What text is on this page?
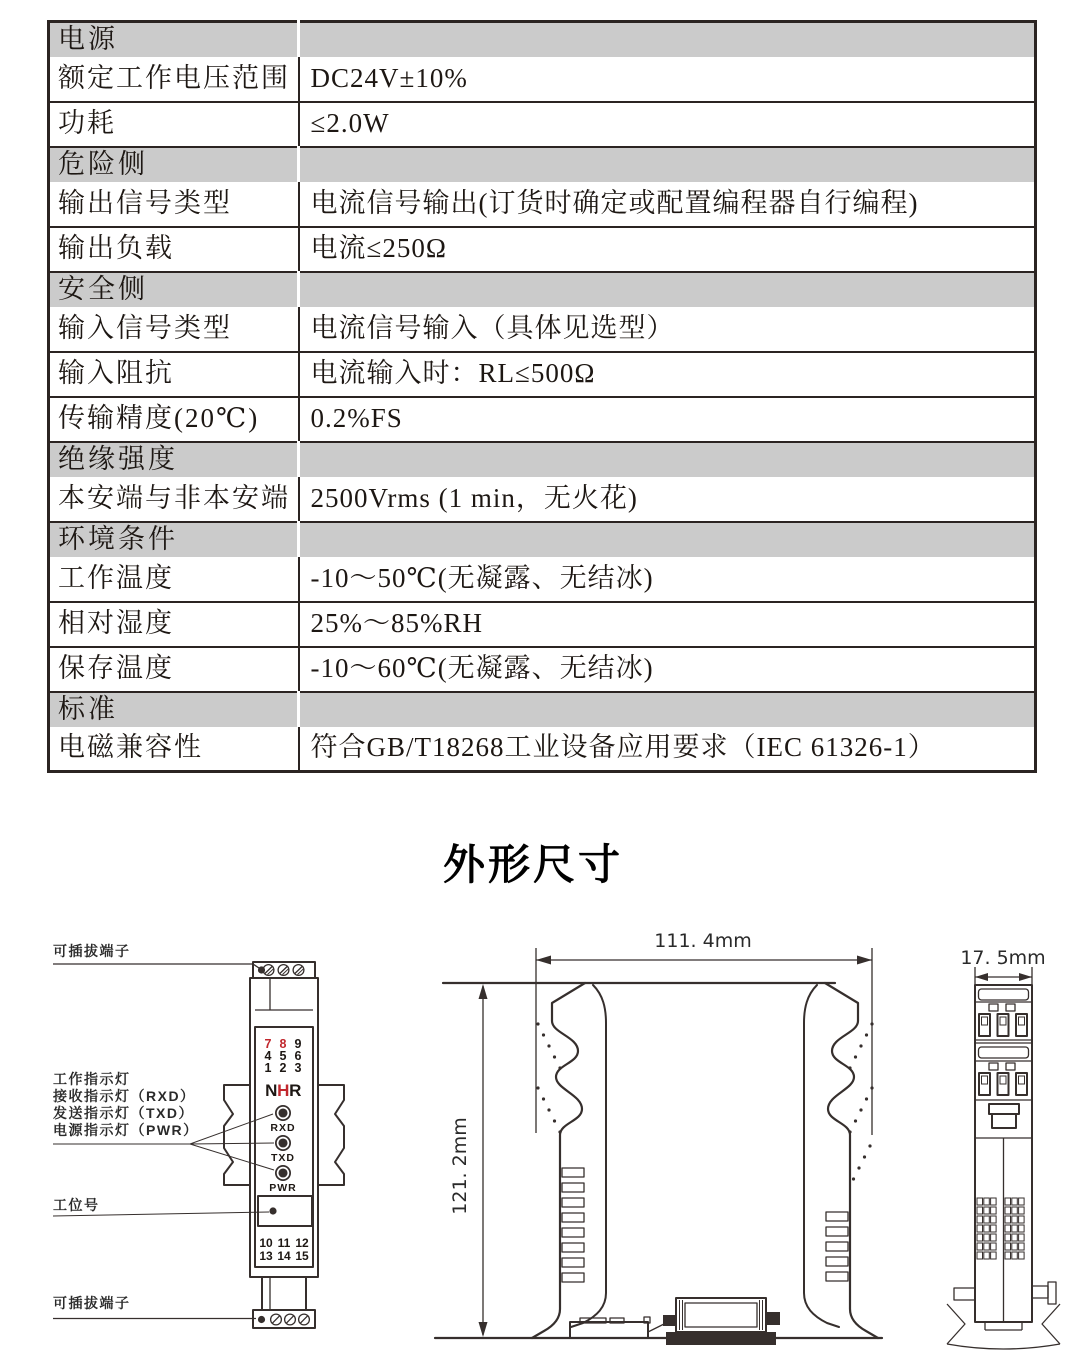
电源	
额定工作电压范围	DC24V±10%
功耗	≤2.0W
危险侧	
输出信号类型	电流信号输出(订货时确定或配置编程器自行编程)
输出负载	电流≤250Ω
安全侧	
输入信号类型	电流信号输入（具体见选型）
输入阻抗	电流输入时：RL≤500Ω
传输精度(20℃)	0.2%FS
绝缘强度	
本安端与非本安端	2500Vrms (1 min，无火花)
环境条件	
工作温度	-10～50℃(无凝露、无结冰)
相对湿度	25%～85%RH
保存温度	-10～60℃(无凝露、无结冰)
标准	
电磁兼容性	符合GB/T18268工业设备应用要求（IEC 61326-1）
外形尺寸
可插拔端子
7 8 9
4 5 6
1 2 3
N H R
RXD
TXD
PWR
工作指示灯
接收指示灯（RXD）
发送指示灯（TXD）
电源指示灯（PWR）
工位号
10 11 12
13 14 15
可插拔端子
111. 4mm
121. 2mm
17. 5mm
